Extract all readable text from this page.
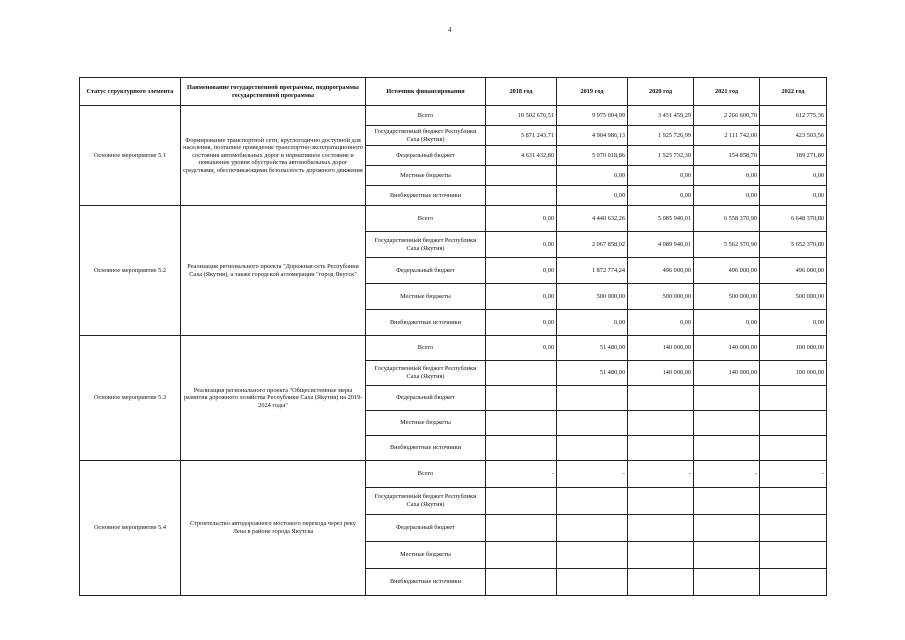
4
Статус структурного элемента	Наименование государственной программы, подпрограммы государственной программы	Источник финансирования	2018 год	2019 год	2020 год	2021 год	2022 год
Основное мероприятие 5.1	Формирование транспортной сети, круглогодично доступной для населения, поэтапное приведение транспортно-эксплуатационного состояния автомобильных дорог в нормативное состояние и повышение уровня обустройства автомобильных дорог средствами, обеспечивающими безопасность дорожного движения	Всего	10 502 676,51	9 975 004,99	3 451 459,29	2 266 600,70	612 775,36
		Государственный бюджет Республики Саха (Якутия)	5 871 243,71	4 904 986,13	1 925 726,99	2 111 742,00	423 503,56
		Федеральный бюджет	4 631 432,80	5 070 018,86	1 525 732,30	154 858,70	189 271,80
		Местные бюджеты		0,00	0,00	0,00	0,00
		Внебюджетные источники		0,00	0,00	0,00	0,00
Основное мероприятие 5.2	Реализация регионального проекта "Дорожная сеть Республики Саха (Якутия), а также городской агломерации "город Якутск"	Всего	0,00	4 440 632,26	5 085 940,01	6 558 370,90	6 648 370,80
		Государственный бюджет Республики Саха (Якутия)	0,00	2 067 858,02	4 089 940,01	5 562 370,90	5 652 370,80
		Федеральный бюджет	0,00	1 872 774,24	496 000,00	496 000,00	496 000,00
		Местные бюджеты	0,00	500 000,00	500 000,00	500 000,00	500 000,00
		Внебюджетные источники	0,00	0,00	0,00	0,00	0,00
Основное мероприятие 5.3	Реализация регионального проекта "Общесистемные меры развития дорожного хозяйства Республики Саха (Якутия) на 2019-2024 годы"	Всего	0,00	51 480,00	140 000,00	140 000,00	100 000,00
		Государственный бюджет Республики Саха (Якутия)		51 480,00	140 000,00	140 000,00	100 000,00
		Федеральный бюджет					
		Местные бюджеты					
		Внебюджетные источники					
Основное мероприятие 5.4	Строительство автодорожного мостового перехода через реку Лена в районе города Якутска	Всего	-	-	-	-	-
		Государственный бюджет Республики Саха (Якутия)					
		Федеральный бюджет					
		Местные бюджеты					
		Внебюджетные источники					
